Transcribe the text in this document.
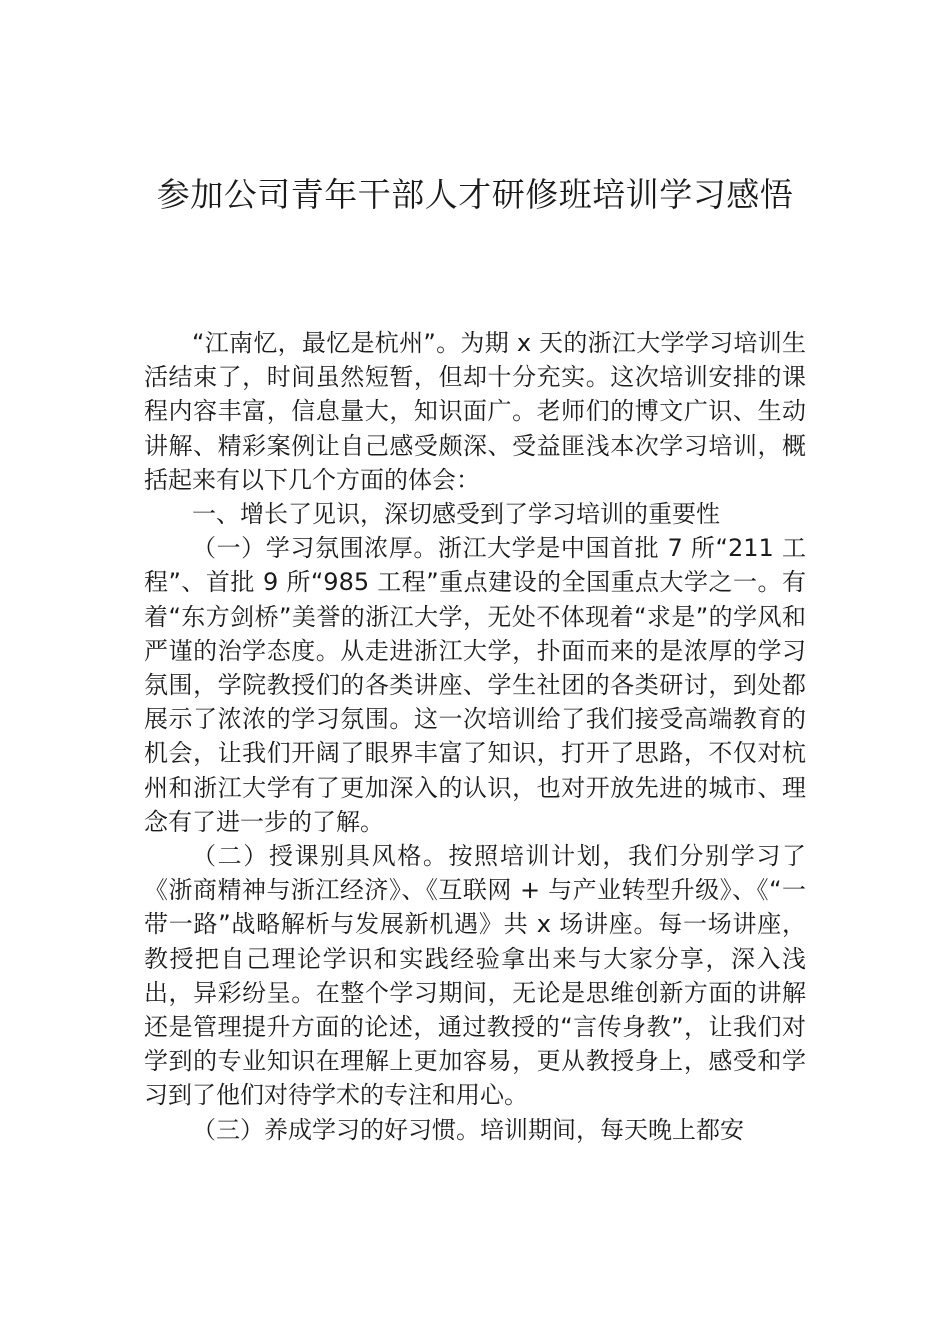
参加公司青年干部人才研修班培训学习感悟

“江南忆，最忆是杭州”。为期 x 天的浙江大学学习培训生活结束了，时间虽然短暂，但却十分充实。这次培训安排的课程内容丰富，信息量大，知识面广。老师们的博文广识、生动讲解、精彩案例让自己感受颇深、受益匪浅本次学习培训，概括起来有以下几个方面的体会：

一、增长了见识，深切感受到了学习培训的重要性

（一）学习氛围浓厚。浙江大学是中国首批 7 所“211 工程”、首批 9 所“985 工程”重点建设的全国重点大学之一。有着“东方剑桥”美誉的浙江大学，无处不体现着“求是”的学风和严谨的治学态度。从走进浙江大学，扑面而来的是浓厚的学习氛围，学院教授们的各类讲座、学生社团的各类研讨，到处都展示了浓浓的学习氛围。这一次培训给了我们接受高端教育的机会，让我们开阔了眼界丰富了知识，打开了思路，不仅对杭州和浙江大学有了更加深入的认识，也对开放先进的城市、理念有了进一步的了解。

（二）授课别具风格。按照培训计划，我们分别学习了《浙商精神与浙江经济》、《互联网 + 与产业转型升级》、《“一带一路”战略解析与发展新机遇》共 x 场讲座。每一场讲座，教授把自己理论学识和实践经验拿出来与大家分享，深入浅出，异彩纷呈。在整个学习期间，无论是思维创新方面的讲解还是管理提升方面的论述，通过教授的“言传身教”，让我们对学到的专业知识在理解上更加容易，更从教授身上，感受和学习到了他们对待学术的专注和用心。

（三）养成学习的好习惯。培训期间，每天晚上都安
